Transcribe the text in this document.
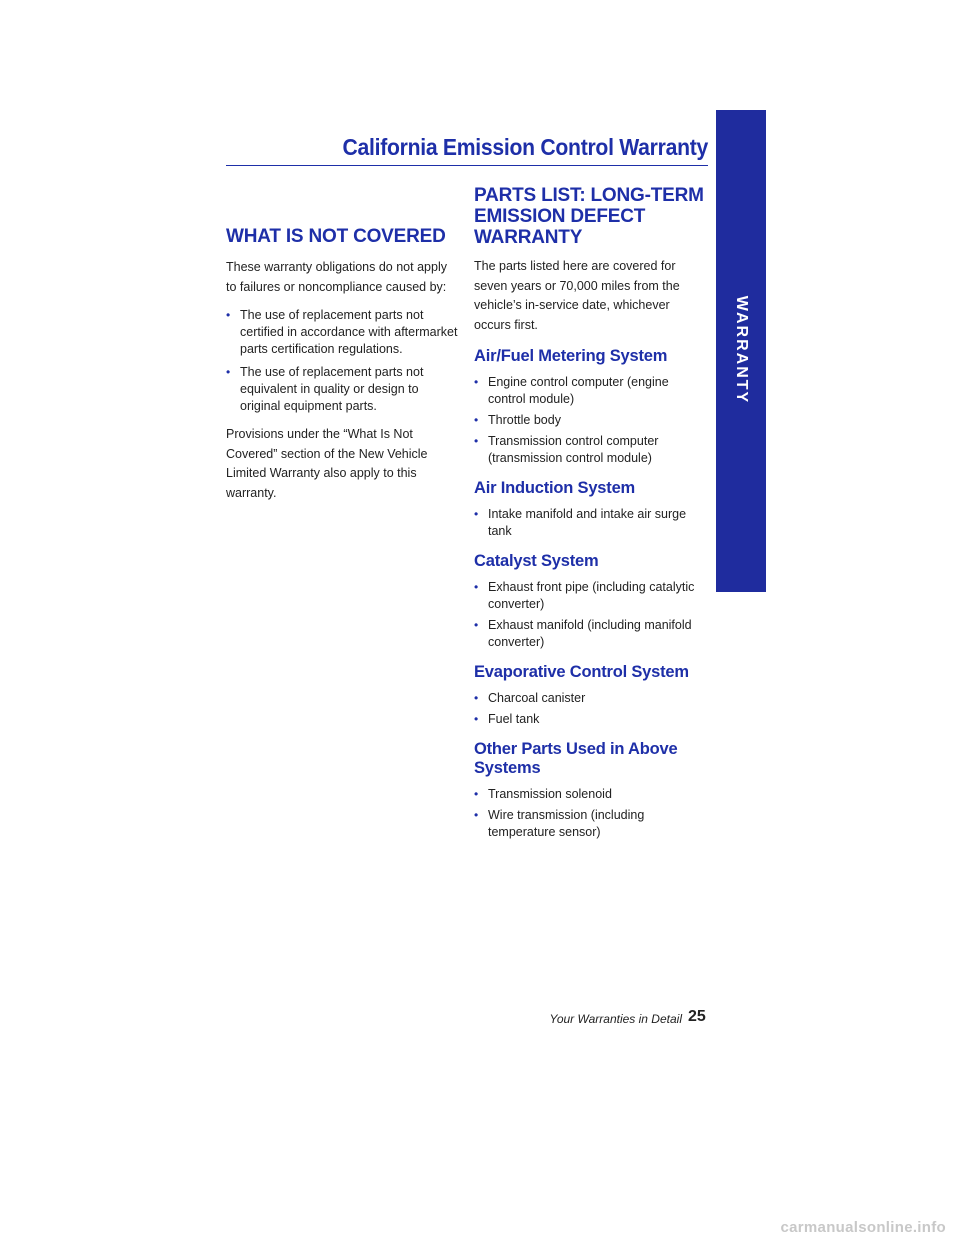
California Emission Control Warranty
WARRANTY
WHAT IS NOT COVERED

These warranty obligations do not apply to failures or noncompliance caused by:

• The use of replacement parts not certified in accordance with aftermarket parts certification regulations.
• The use of replacement parts not equivalent in quality or design to original equipment parts.

Provisions under the “What Is Not Covered” section of the New Vehicle Limited Warranty also apply to this warranty.

PARTS LIST: LONG-TERM EMISSION DEFECT WARRANTY

The parts listed here are covered for seven years or 70,000 miles from the vehicle’s in-service date, whichever occurs first.

Air/Fuel Metering System
• Engine control computer (engine control module)
• Throttle body
• Transmission control computer (transmission control module)
Air Induction System
• Intake manifold and intake air surge tank
Catalyst System
• Exhaust front pipe (including catalytic converter)
• Exhaust manifold (including manifold converter)
Evaporative Control System
• Charcoal canister
• Fuel tank
Other Parts Used in Above Systems
• Transmission solenoid
• Wire transmission (including temperature sensor)
Your Warranties in Detail 25
carmanualsonline.info
